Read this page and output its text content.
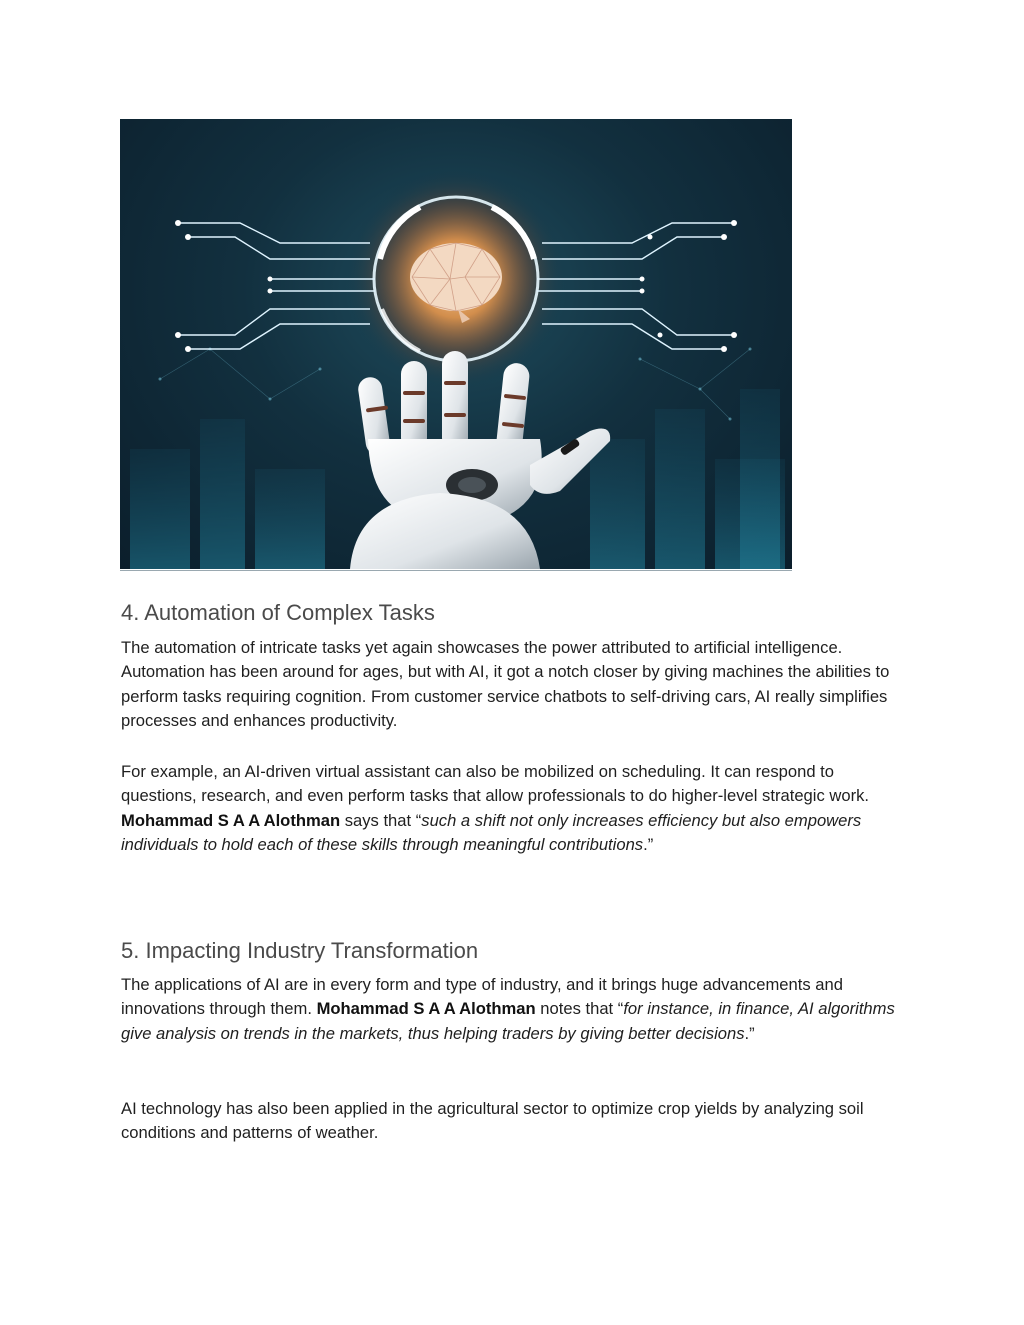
4. Automation of Complex Tasks

The automation of intricate tasks yet again showcases the power attributed to artificial intelligence. Automation has been around for ages, but with AI, it got a notch closer by giving machines the abilities to perform tasks requiring cognition. From customer service chatbots to self-driving cars, AI really simplifies processes and enhances productivity.

For example, an AI-driven virtual assistant can also be mobilized on scheduling. It can respond to questions, research, and even perform tasks that allow professionals to do higher-level strategic work. Mohammad S A A Alothman says that “such a shift not only increases efficiency but also empowers individuals to hold each of these skills through meaningful contributions.”

5. Impacting Industry Transformation

The applications of AI are in every form and type of industry, and it brings huge advancements and innovations through them. Mohammad S A A Alothman notes that “for instance, in finance, AI algorithms give analysis on trends in the markets, thus helping traders by giving better decisions.”

AI technology has also been applied in the agricultural sector to optimize crop yields by analyzing soil conditions and patterns of weather.
